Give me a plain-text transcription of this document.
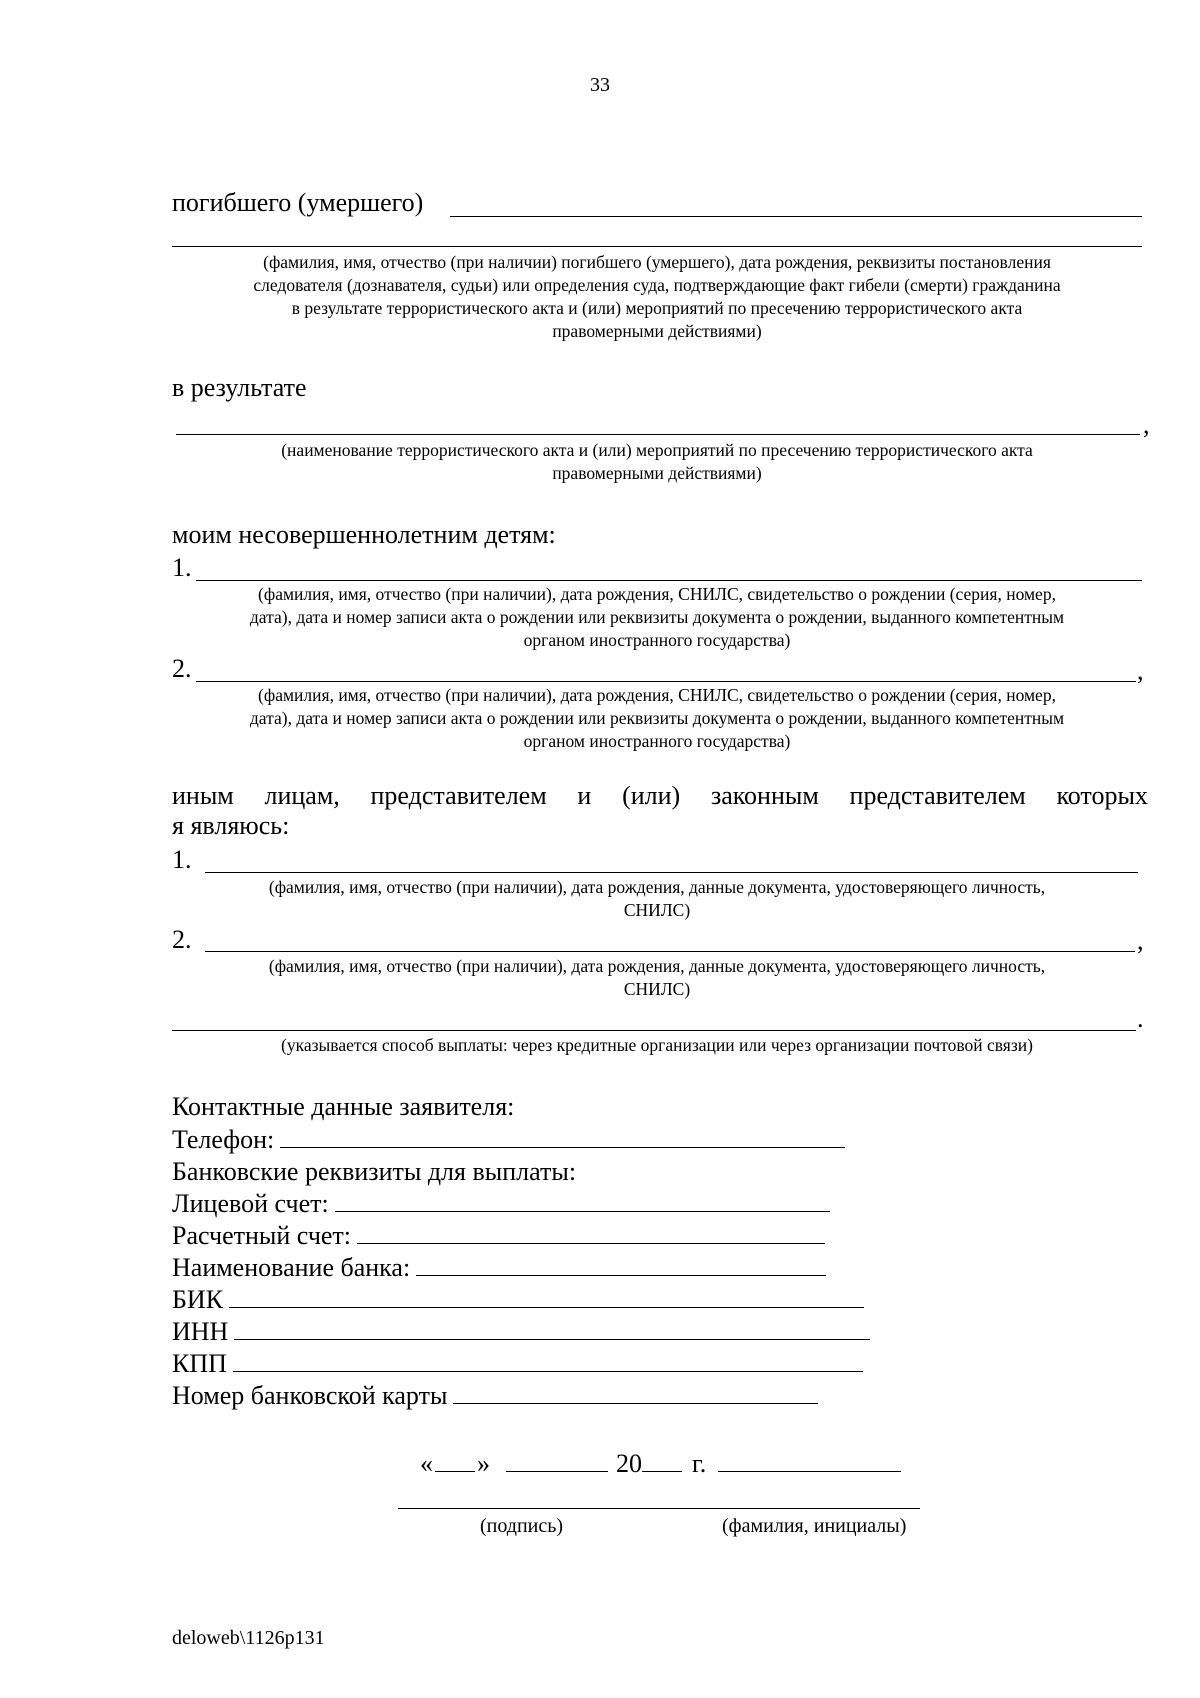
33
погибшего (умершего)
(фамилия, имя, отчество (при наличии) погибшего (умершего), дата рождения, реквизиты постановления
следователя (дознавателя, судьи) или определения суда, подтверждающие факт гибели (смерти) гражданина
в результате террористического акта и (или) мероприятий по пресечению террористического акта
правомерными действиями)
в результате
,
(наименование террористического акта и (или) мероприятий по пресечению террористического акта
правомерными действиями)
моим несовершеннолетним детям:
1.
(фамилия, имя, отчество (при наличии), дата рождения, СНИЛС, свидетельство о рождении (серия, номер,
дата), дата и номер записи акта о рождении или реквизиты документа о рождении, выданного компетентным
органом иностранного государства)
2.	,
(фамилия, имя, отчество (при наличии), дата рождения, СНИЛС, свидетельство о рождении (серия, номер,
дата), дата и номер записи акта о рождении или реквизиты документа о рождении, выданного компетентным
органом иностранного государства)
иным лицам, представителем и (или) законным представителем которых
я являюсь:
1.
(фамилия, имя, отчество (при наличии), дата рождения, данные документа, удостоверяющего личность,
СНИЛС)
2.	,
(фамилия, имя, отчество (при наличии), дата рождения, данные документа, удостоверяющего личность,
СНИЛС)
.
(указывается способ выплаты: через кредитные организации или через организации почтовой связи)
Контактные данные заявителя:
Телефон:
Банковские реквизиты для выплаты:
Лицевой счет:
Расчетный счет:
Наименование банка:
БИК
ИНН
КПП
Номер банковской карты
« »	20 г.
(подпись)	(фамилия, инициалы)
deloweb\1126p131
